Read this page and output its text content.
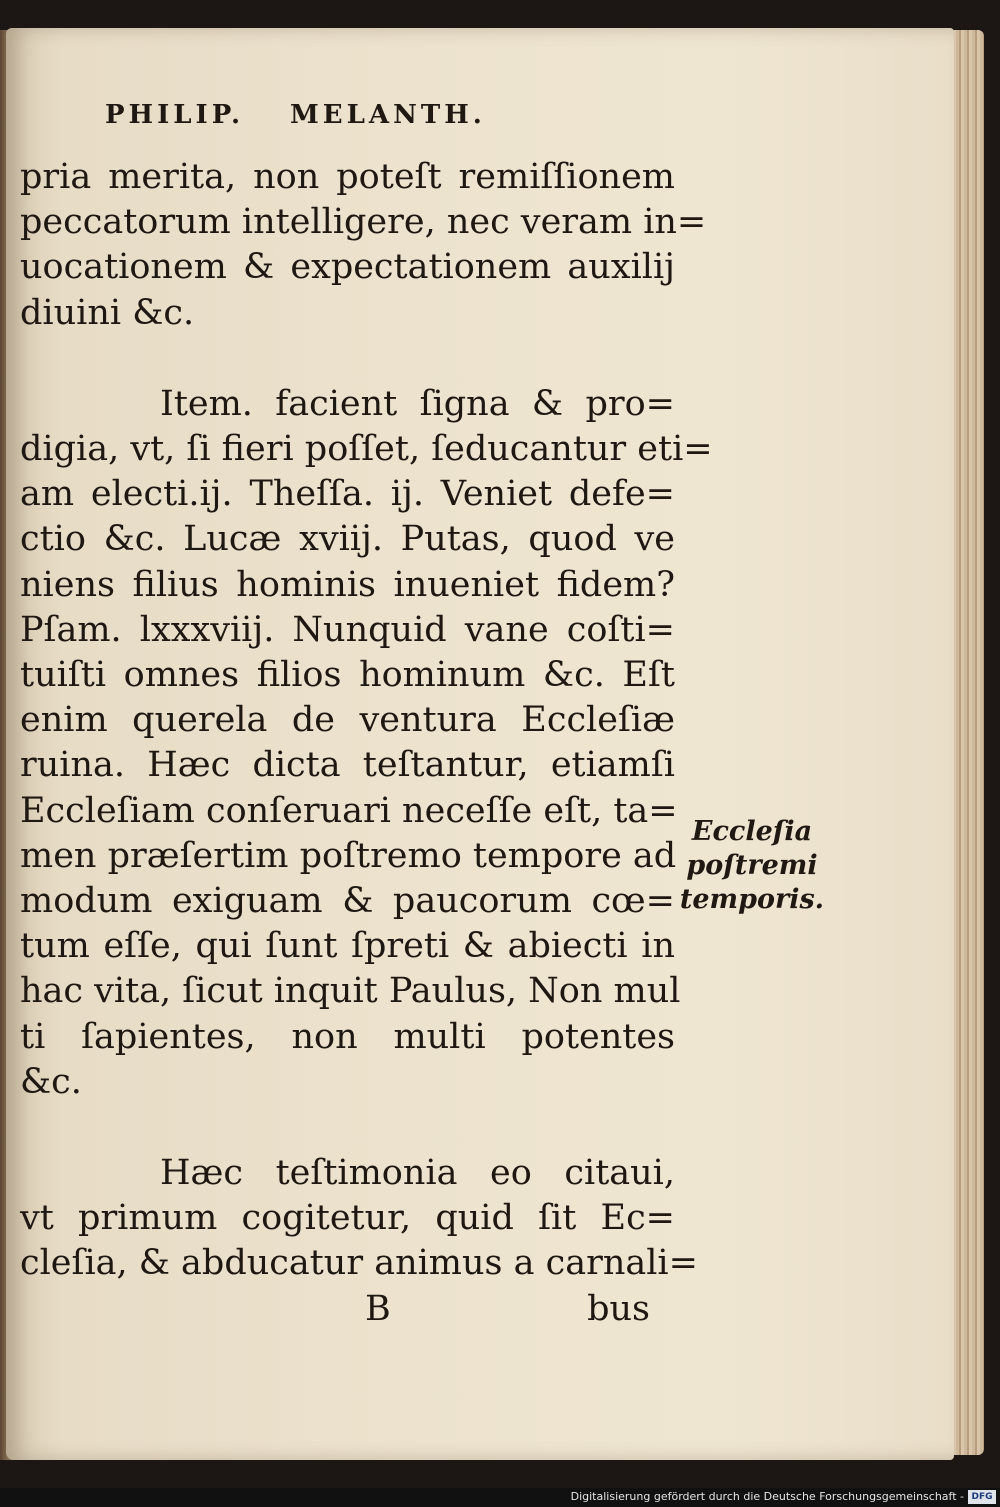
PHILIP. MELANTH.
pria merita, non poteſt remiſſionem
peccatorum intelligere, nec veram in=
uocationem & expectationem auxilij
diuini &c.
Item. facient ſigna & pro=
digia, vt, ſi fieri poſſet, ſeducantur eti=
am electi.ij. Theſſa. ij. Veniet defe=
ctio &c. Lucæ xviij. Putas, quod ve
niens filius hominis inueniet fidem?
Pſam. lxxxviij. Nunquid vane coſti=
tuiſti omnes filios hominum &c. Eſt
enim querela de ventura Eccleſiæ
ruina. Hæc dicta teſtantur, etiamſi
Eccleſiam conſeruari neceſſe eſt, ta=
men præſertim poſtremo tempore ad
modum exiguam & paucorum cœ=
tum eſſe, qui ſunt ſpreti & abiecti in
hac vita, ſicut inquit Paulus, Non mul
ti ſapientes, non multi potentes
&c.
Hæc teſtimonia eo citaui,
vt primum cogitetur, quid ſit Ec=
cleſia, & abducatur animus a carnali=
B	bus
Eccleſia
poſtremi
temporis.
Digitalisierung gefördert durch die Deutsche Forschungsgemeinschaft - DFG
